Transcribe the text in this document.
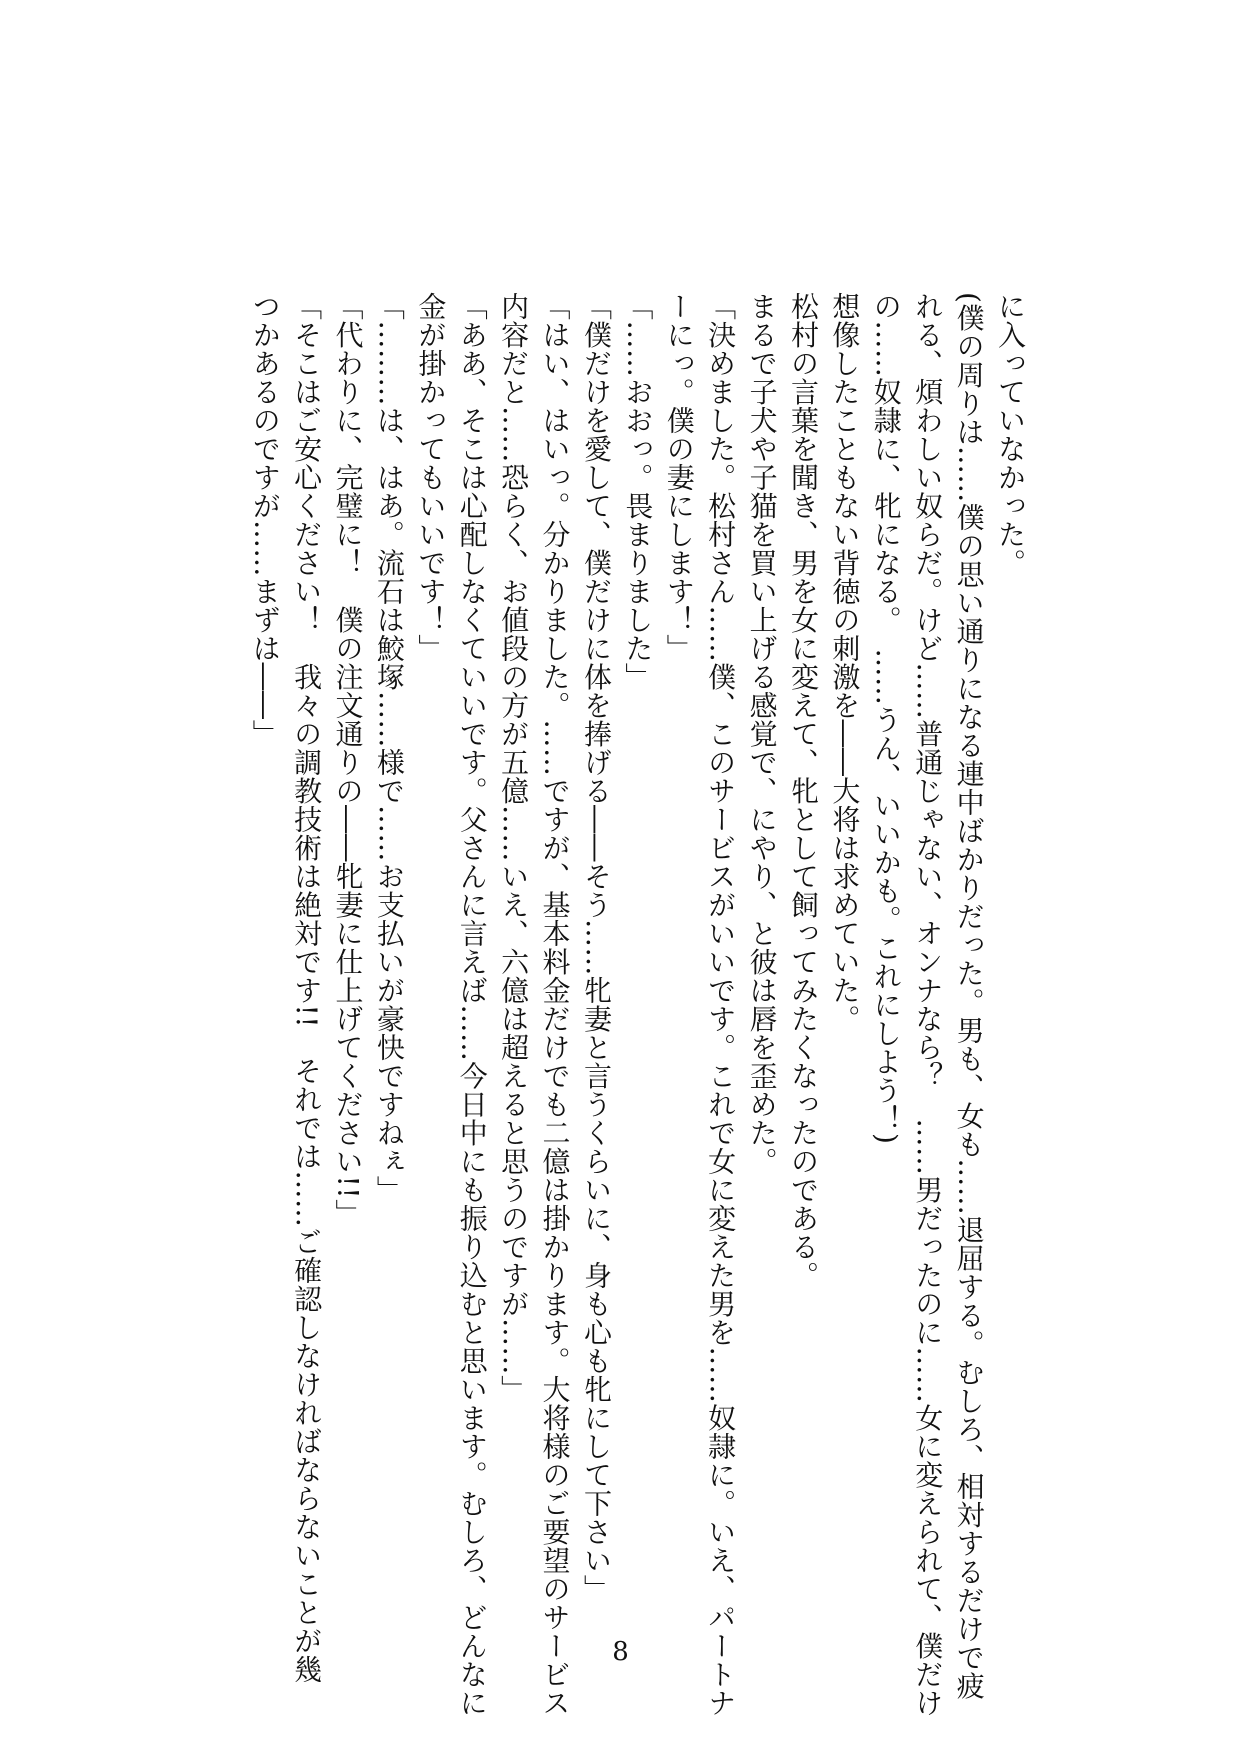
に入っていなかった。
(僕の周りは……僕の思い通りになる連中ばかりだった。男も、女も……退屈する。むしろ、相対するだけで疲
れる、煩わしい奴らだ。けど……普通じゃない、オンナなら？　……男だったのに……女に変えられて、僕だけ
の……奴隷に、牝になる。　……うん、いいかも。これにしよう！)
想像したこともない背徳の刺激を――大将は求めていた。
松村の言葉を聞き、男を女に変えて、牝として飼ってみたくなったのである。
まるで子犬や子猫を買い上げる感覚で、にやり、と彼は唇を歪めた。
「決めました。松村さん……僕、このサービスがいいです。これで女に変えた男を……奴隷に。いえ、パートナ
ーにっ。僕の妻にします！」
「……おおっ。畏まりました」
「僕だけを愛して、僕だけに体を捧げる――そう……牝妻と言うくらいに、身も心も牝にして下さい」
「はい、はいっ。分かりました。……ですが、基本料金だけでも二億は掛かります。大将様のご要望のサービス
内容だと……恐らく、お値段の方が五億……いえ、六億は超えると思うのですが……」
「ああ、そこは心配しなくていいです。父さんに言えば……今日中にも振り込むと思います。むしろ、どんなに
金が掛かってもいいです！」
「………は、はあ。流石は鮫塚……様で……お支払いが豪快ですねぇ」
「代わりに、完璧に！　僕の注文通りの――牝妻に仕上げてください!!」
「そこはご安心ください！　我々の調教技術は絶対です!!　それでは……ご確認しなければならないことが幾
つかあるのですが……まずは――」
8
